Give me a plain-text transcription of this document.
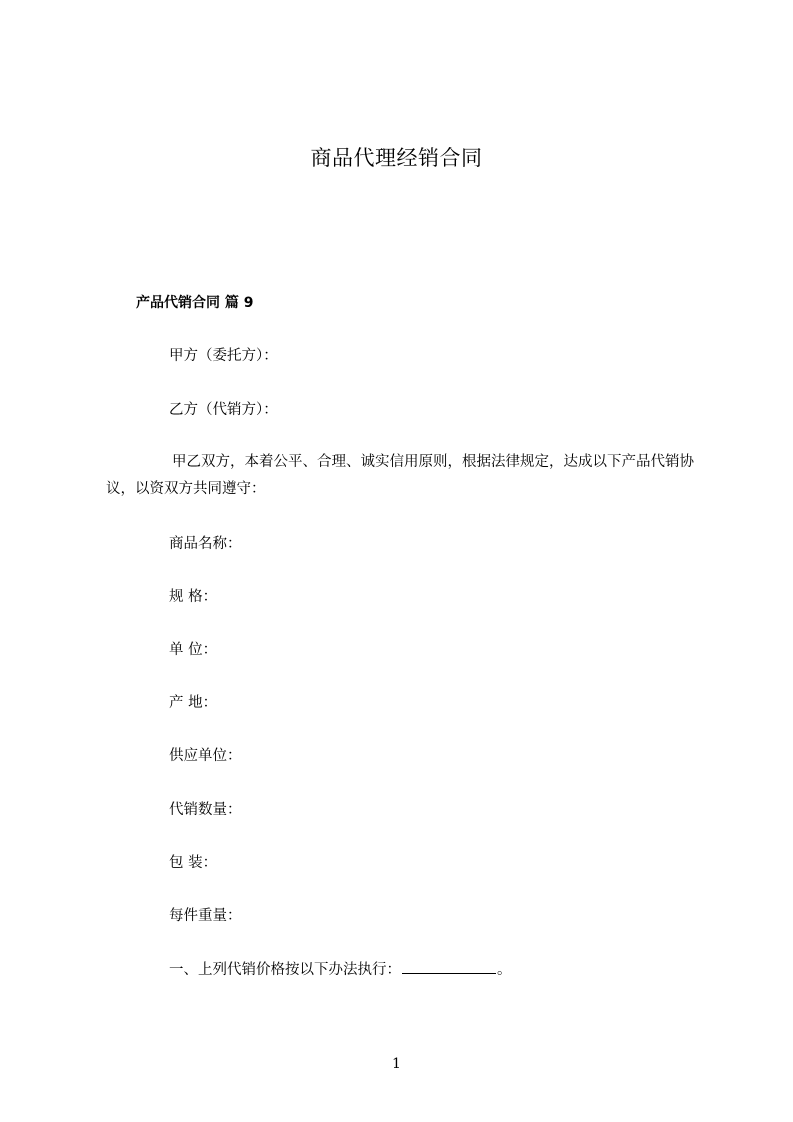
商品代理经销合同
产品代销合同 篇 9
甲方（委托方）：
乙方（代销方）：
甲乙双方，本着公平、合理、诚实信用原则，根据法律规定，达成以下产品代销协议，以资双方共同遵守：
商品名称：
规 格：
单 位：
产 地：
供应单位：
代销数量：
包 装：
每件重量：
一、上列代销价格按以下办法执行：	。
1
